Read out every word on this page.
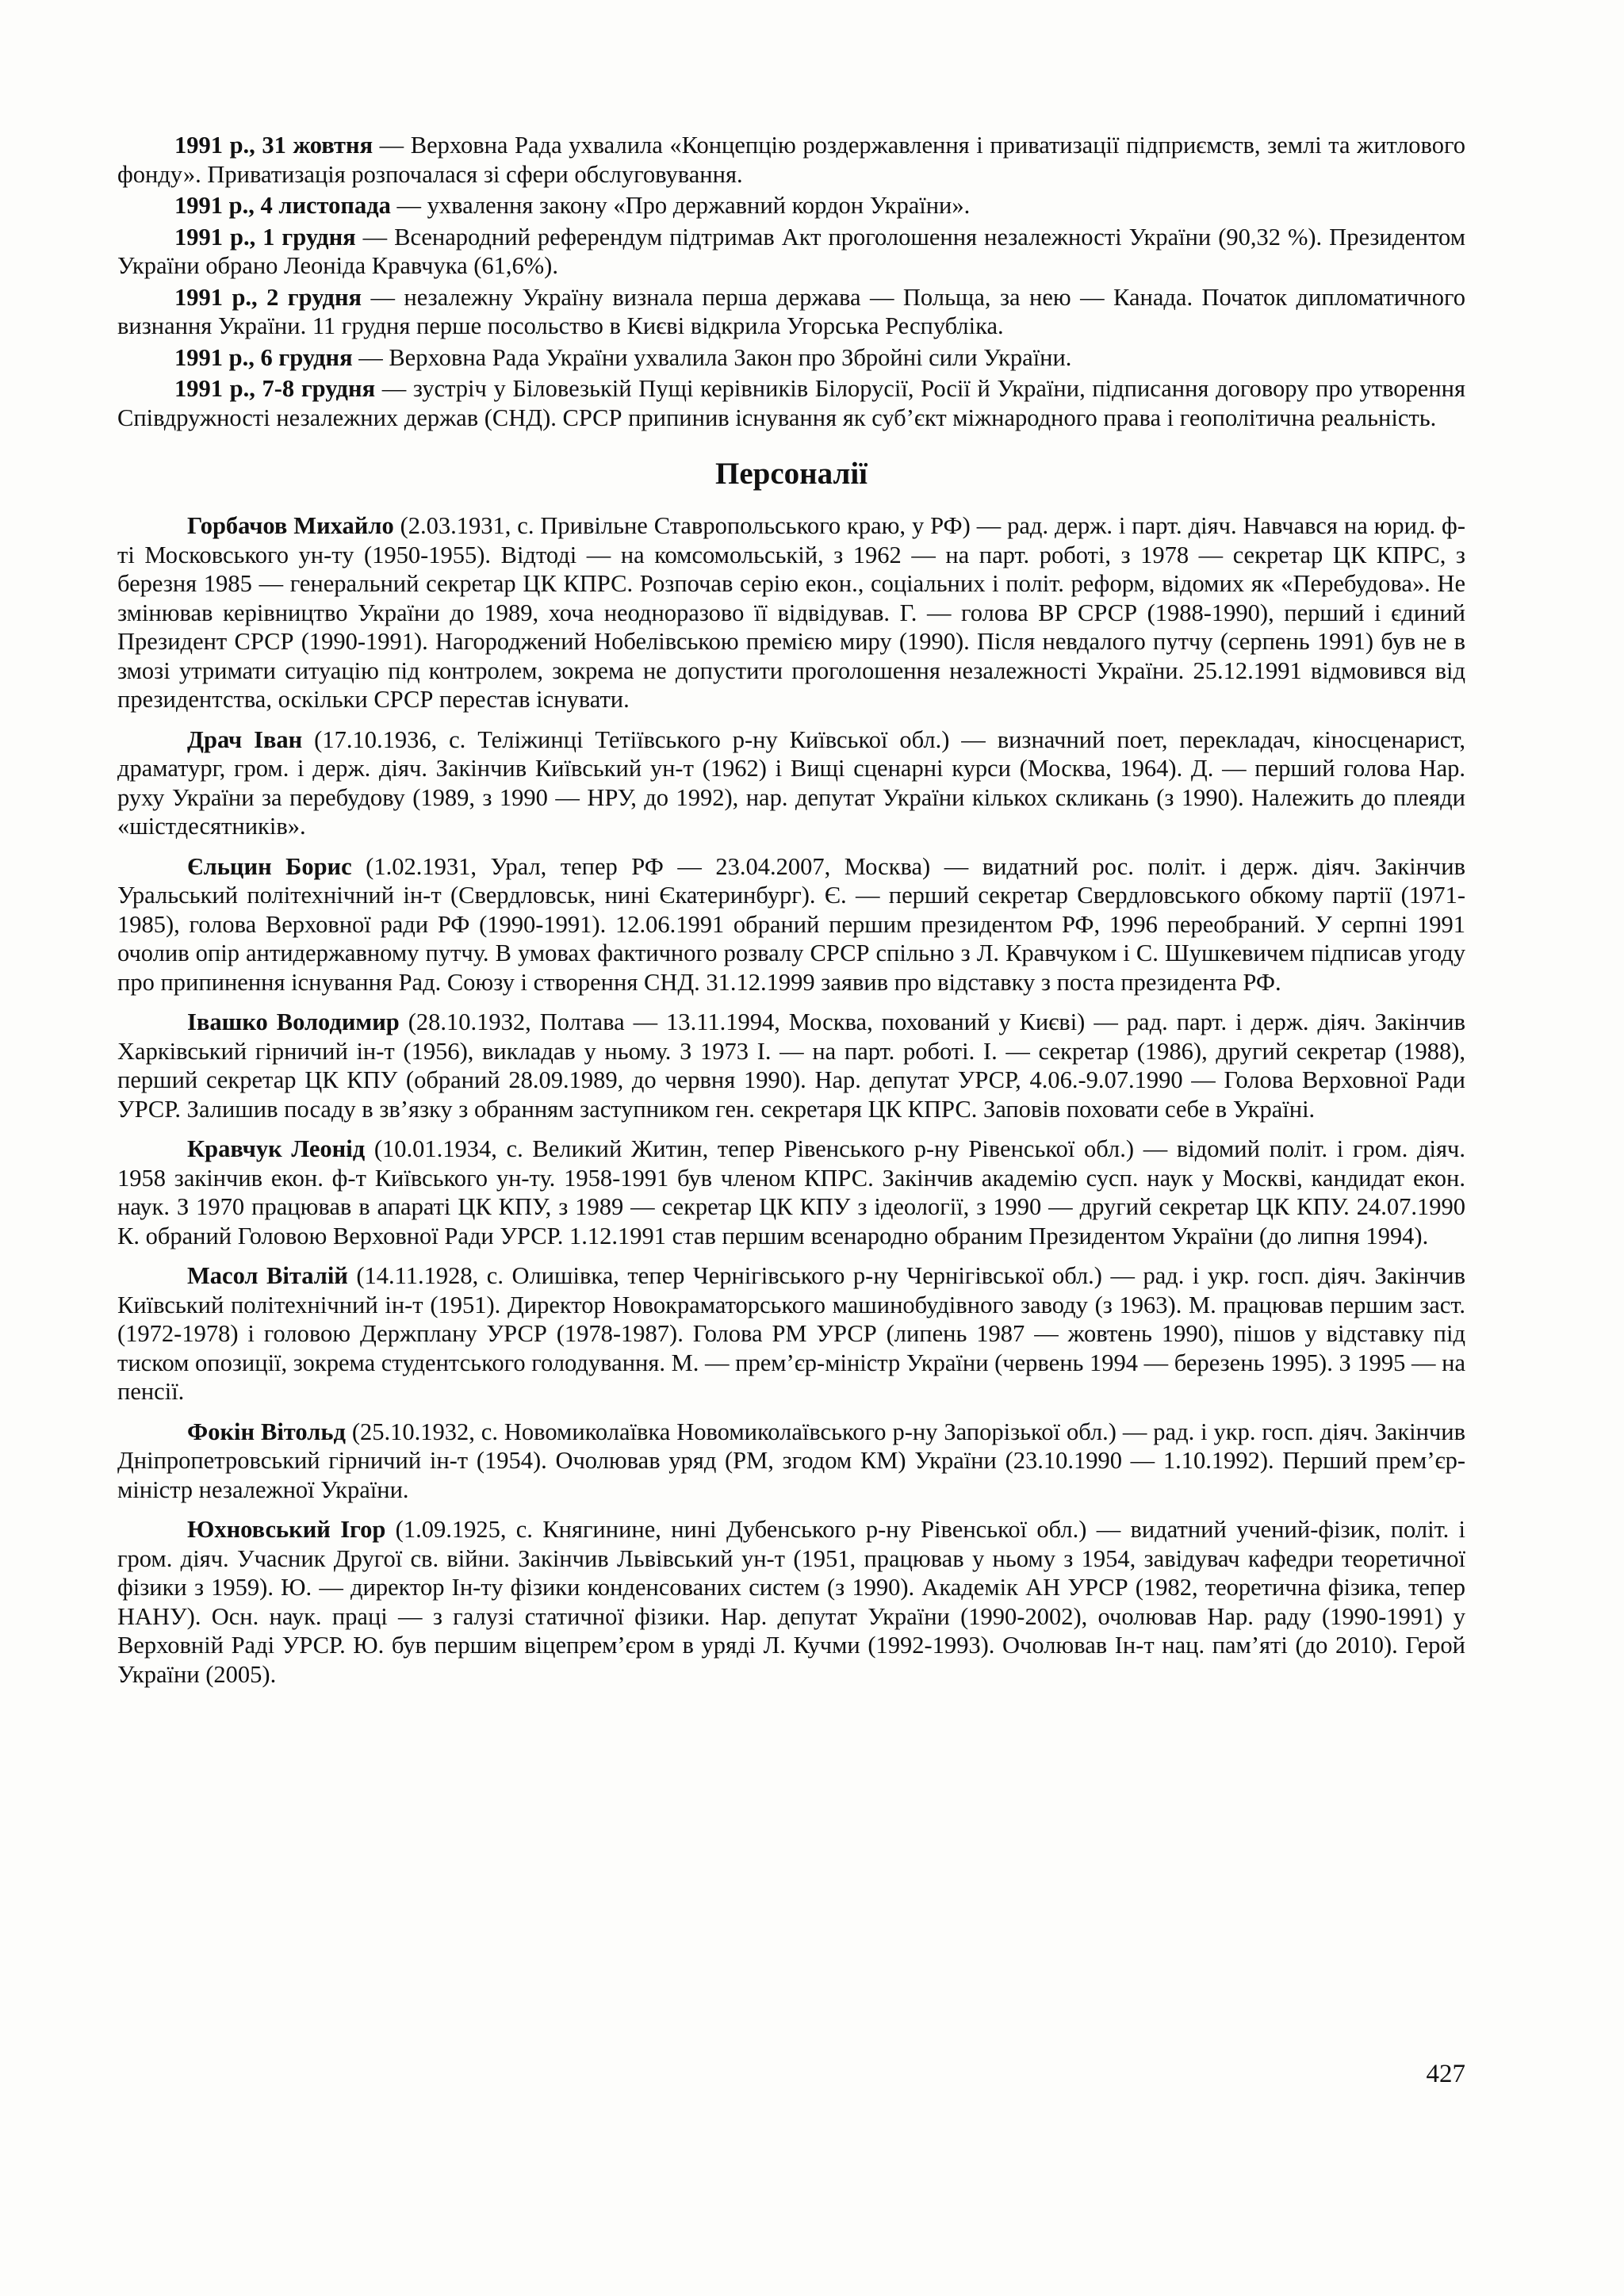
1991 р., 31 жовтня — Верховна Рада ухвалила «Концепцію роздержавлення і приватизації підприємств, землі та житлового фонду». Приватизація розпочалася зі сфери обслуговування.

1991 р., 4 листопада — ухвалення закону «Про державний кордон України».

1991 р., 1 грудня — Всенародний референдум підтримав Акт проголошення незалежності України (90,32 %). Президентом України обрано Леоніда Кравчука (61,6%).

1991 р., 2 грудня — незалежну Україну визнала перша держава — Польща, за нею — Канада. Початок дипломатичного визнання України. 11 грудня перше посольство в Києві відкрила Угорська Республіка.

1991 р., 6 грудня — Верховна Рада України ухвалила Закон про Збройні сили України.

1991 р., 7-8 грудня — зустріч у Біловезькій Пущі керівників Білорусії, Росії й України, підписання договору про утворення Співдружності незалежних держав (СНД). СРСР припинив існування як суб’єкт міжнародного права і геополітична реальність.

Персоналії

Горбачов Михайло (2.03.1931, с. Привільне Ставропольського краю, у РФ) — рад. держ. і парт. діяч. Навчався на юрид. ф-ті Московського ун-ту (1950-1955). Відтоді — на комсомольській, з 1962 — на парт. роботі, з 1978 — секретар ЦК КПРС, з березня 1985 — генеральний секретар ЦК КПРС. Розпочав серію екон., соціальних і політ. реформ, відомих як «Перебудова». Не змінював керівництво України до 1989, хоча неодноразово її відвідував. Г. — голова ВР СРСР (1988-1990), перший і єдиний Президент СРСР (1990-1991). Нагороджений Нобелівською премією миру (1990). Після невдалого путчу (серпень 1991) був не в змозі утримати ситуацію під контролем, зокрема не допустити проголошення незалежності України. 25.12.1991 відмовився від президентства, оскільки СРСР перестав існувати.

Драч Іван (17.10.1936, с. Теліжинці Тетіївського р-ну Київської обл.) — визначний поет, перекладач, кіносценарист, драматург, гром. і держ. діяч. Закінчив Київський ун-т (1962) і Вищі сценарні курси (Москва, 1964). Д. — перший голова Нар. руху України за перебудову (1989, з 1990 — НРУ, до 1992), нар. депутат України кількох скликань (з 1990). Належить до плеяди «шістдесятників».

Єльцин Борис (1.02.1931, Урал, тепер РФ — 23.04.2007, Москва) — видатний рос. політ. і держ. діяч. Закінчив Уральський політехнічний ін-т (Свердловськ, нині Єкатеринбург). Є. — перший секретар Свердловського обкому партії (1971-1985), голова Верховної ради РФ (1990-1991). 12.06.1991 обраний першим президентом РФ, 1996 переобраний. У серпні 1991 очолив опір антидержавному путчу. В умовах фактичного розвалу СРСР спільно з Л. Кравчуком і С. Шушкевичем підписав угоду про припинення існування Рад. Союзу і створення СНД. 31.12.1999 заявив про відставку з поста президента РФ.

Івашко Володимир (28.10.1932, Полтава — 13.11.1994, Москва, похований у Києві) — рад. парт. і держ. діяч. Закінчив Харківський гірничий ін-т (1956), викладав у ньому. З 1973 І. — на парт. роботі. І. — секретар (1986), другий секретар (1988), перший секретар ЦК КПУ (обраний 28.09.1989, до червня 1990). Нар. депутат УРСР, 4.06.-9.07.1990 — Голова Верховної Ради УРСР. Залишив посаду в зв’язку з обранням заступником ген. секретаря ЦК КПРС. Заповів поховати себе в Україні.

Кравчук Леонід (10.01.1934, с. Великий Житин, тепер Рівенського р-ну Рівенської обл.) — відомий політ. і гром. діяч. 1958 закінчив екон. ф-т Київського ун-ту. 1958-1991 був членом КПРС. Закінчив академію сусп. наук у Москві, кандидат екон. наук. З 1970 працював в апараті ЦК КПУ, з 1989 — секретар ЦК КПУ з ідеології, з 1990 — другий секретар ЦК КПУ. 24.07.1990 К. обраний Головою Верховної Ради УРСР. 1.12.1991 став першим всенародно обраним Президентом України (до липня 1994).

Масол Віталій (14.11.1928, с. Олишівка, тепер Чернігівського р-ну Чернігівської обл.) — рад. і укр. госп. діяч. Закінчив Київський політехнічний ін-т (1951). Директор Новокраматорського машинобудівного заводу (з 1963). М. працював першим заст. (1972-1978) і головою Держплану УРСР (1978-1987). Голова РМ УРСР (липень 1987 — жовтень 1990), пішов у відставку під тиском опозиції, зокрема студентського голодування. М. — прем’єр-міністр України (червень 1994 — березень 1995). З 1995 — на пенсії.

Фокін Вітольд (25.10.1932, с. Новомиколаївка Новомиколаївського р-ну Запорізької обл.) — рад. і укр. госп. діяч. Закінчив Дніпропетровський гірничий ін-т (1954). Очолював уряд (РМ, згодом КМ) України (23.10.1990 — 1.10.1992). Перший прем’єр-міністр незалежної України.

Юхновський Ігор (1.09.1925, с. Княгинине, нині Дубенського р-ну Рівенської обл.) — видатний учений-фізик, політ. і гром. діяч. Учасник Другої св. війни. Закінчив Львівський ун-т (1951, працював у ньому з 1954, завідувач кафедри теоретичної фізики з 1959). Ю. — директор Ін-ту фізики конденсованих систем (з 1990). Академік АН УРСР (1982, теоретична фізика, тепер НАНУ). Осн. наук. праці — з галузі статичної фізики. Нар. депутат України (1990-2002), очолював Нар. раду (1990-1991) у Верховній Раді УРСР. Ю. був першим віцепрем’єром в уряді Л. Кучми (1992-1993). Очолював Ін-т нац. пам’яті (до 2010). Герой України (2005).

427
